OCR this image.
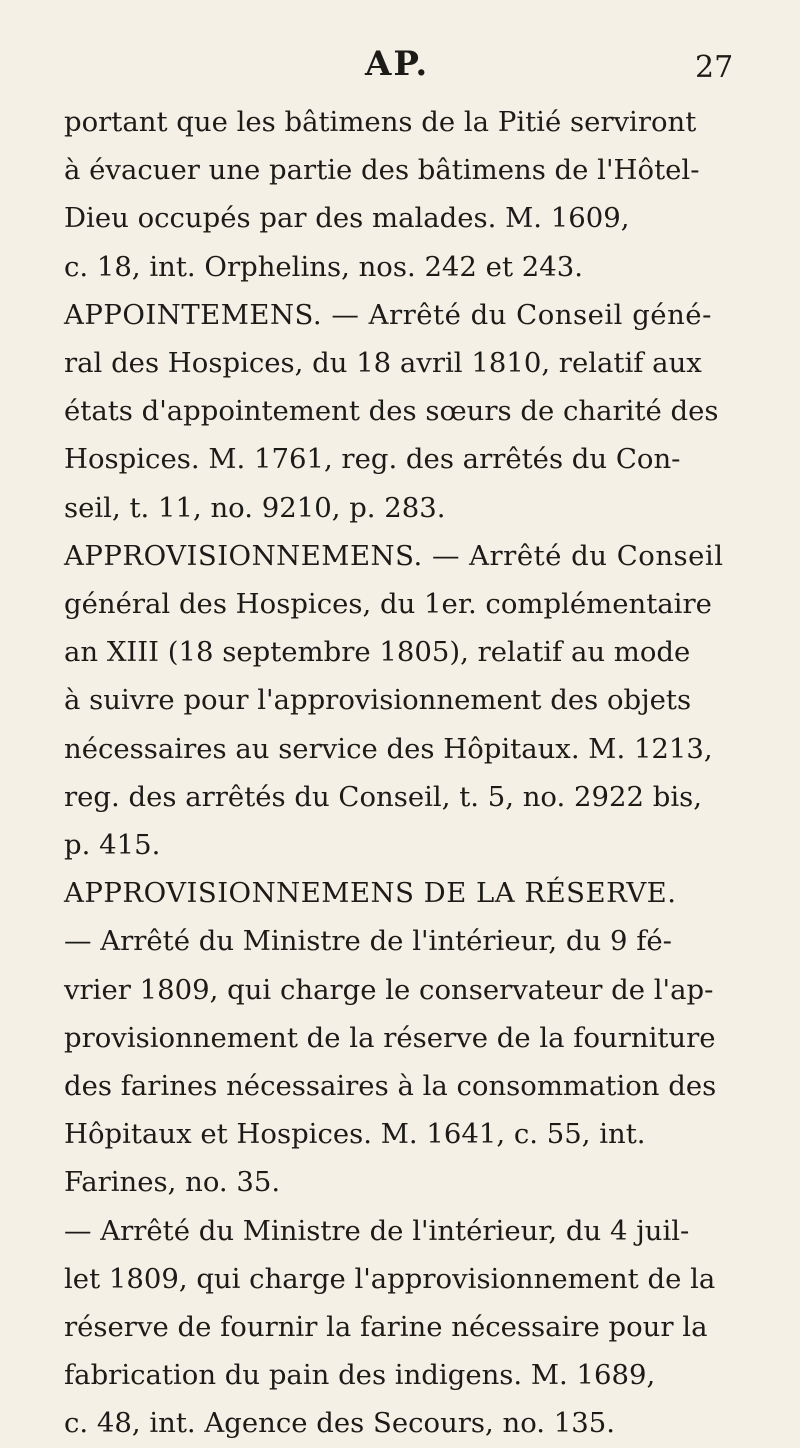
AP.	27
portant que les bâtimens de la Pitié serviront
à évacuer une partie des bâtimens de l'Hôtel-
Dieu occupés par des malades. M. 1609,
c. 18, int. Orphelins, nos. 242 et 243.
APPOINTEMENS. — Arrêté du Conseil géné-
ral des Hospices, du 18 avril 1810, relatif aux
états d'appointement des sœurs de charité des
Hospices. M. 1761, reg. des arrêtés du Con-
seil, t. 11, no. 9210, p. 283.
APPROVISIONNEMENS. — Arrêté du Conseil
général des Hospices, du 1er. complémentaire
an XIII (18 septembre 1805), relatif au mode
à suivre pour l'approvisionnement des objets
nécessaires au service des Hôpitaux. M. 1213,
reg. des arrêtés du Conseil, t. 5, no. 2922 bis,
p. 415.
APPROVISIONNEMENS DE LA RÉSERVE.
— Arrêté du Ministre de l'intérieur, du 9 fé-
vrier 1809, qui charge le conservateur de l'ap-
provisionnement de la réserve de la fourniture
des farines nécessaires à la consommation des
Hôpitaux et Hospices. M. 1641, c. 55, int.
Farines, no. 35.
— Arrêté du Ministre de l'intérieur, du 4 juil-
let 1809, qui charge l'approvisionnement de la
réserve de fournir la farine nécessaire pour la
fabrication du pain des indigens. M. 1689,
c. 48, int. Agence des Secours, no. 135.
